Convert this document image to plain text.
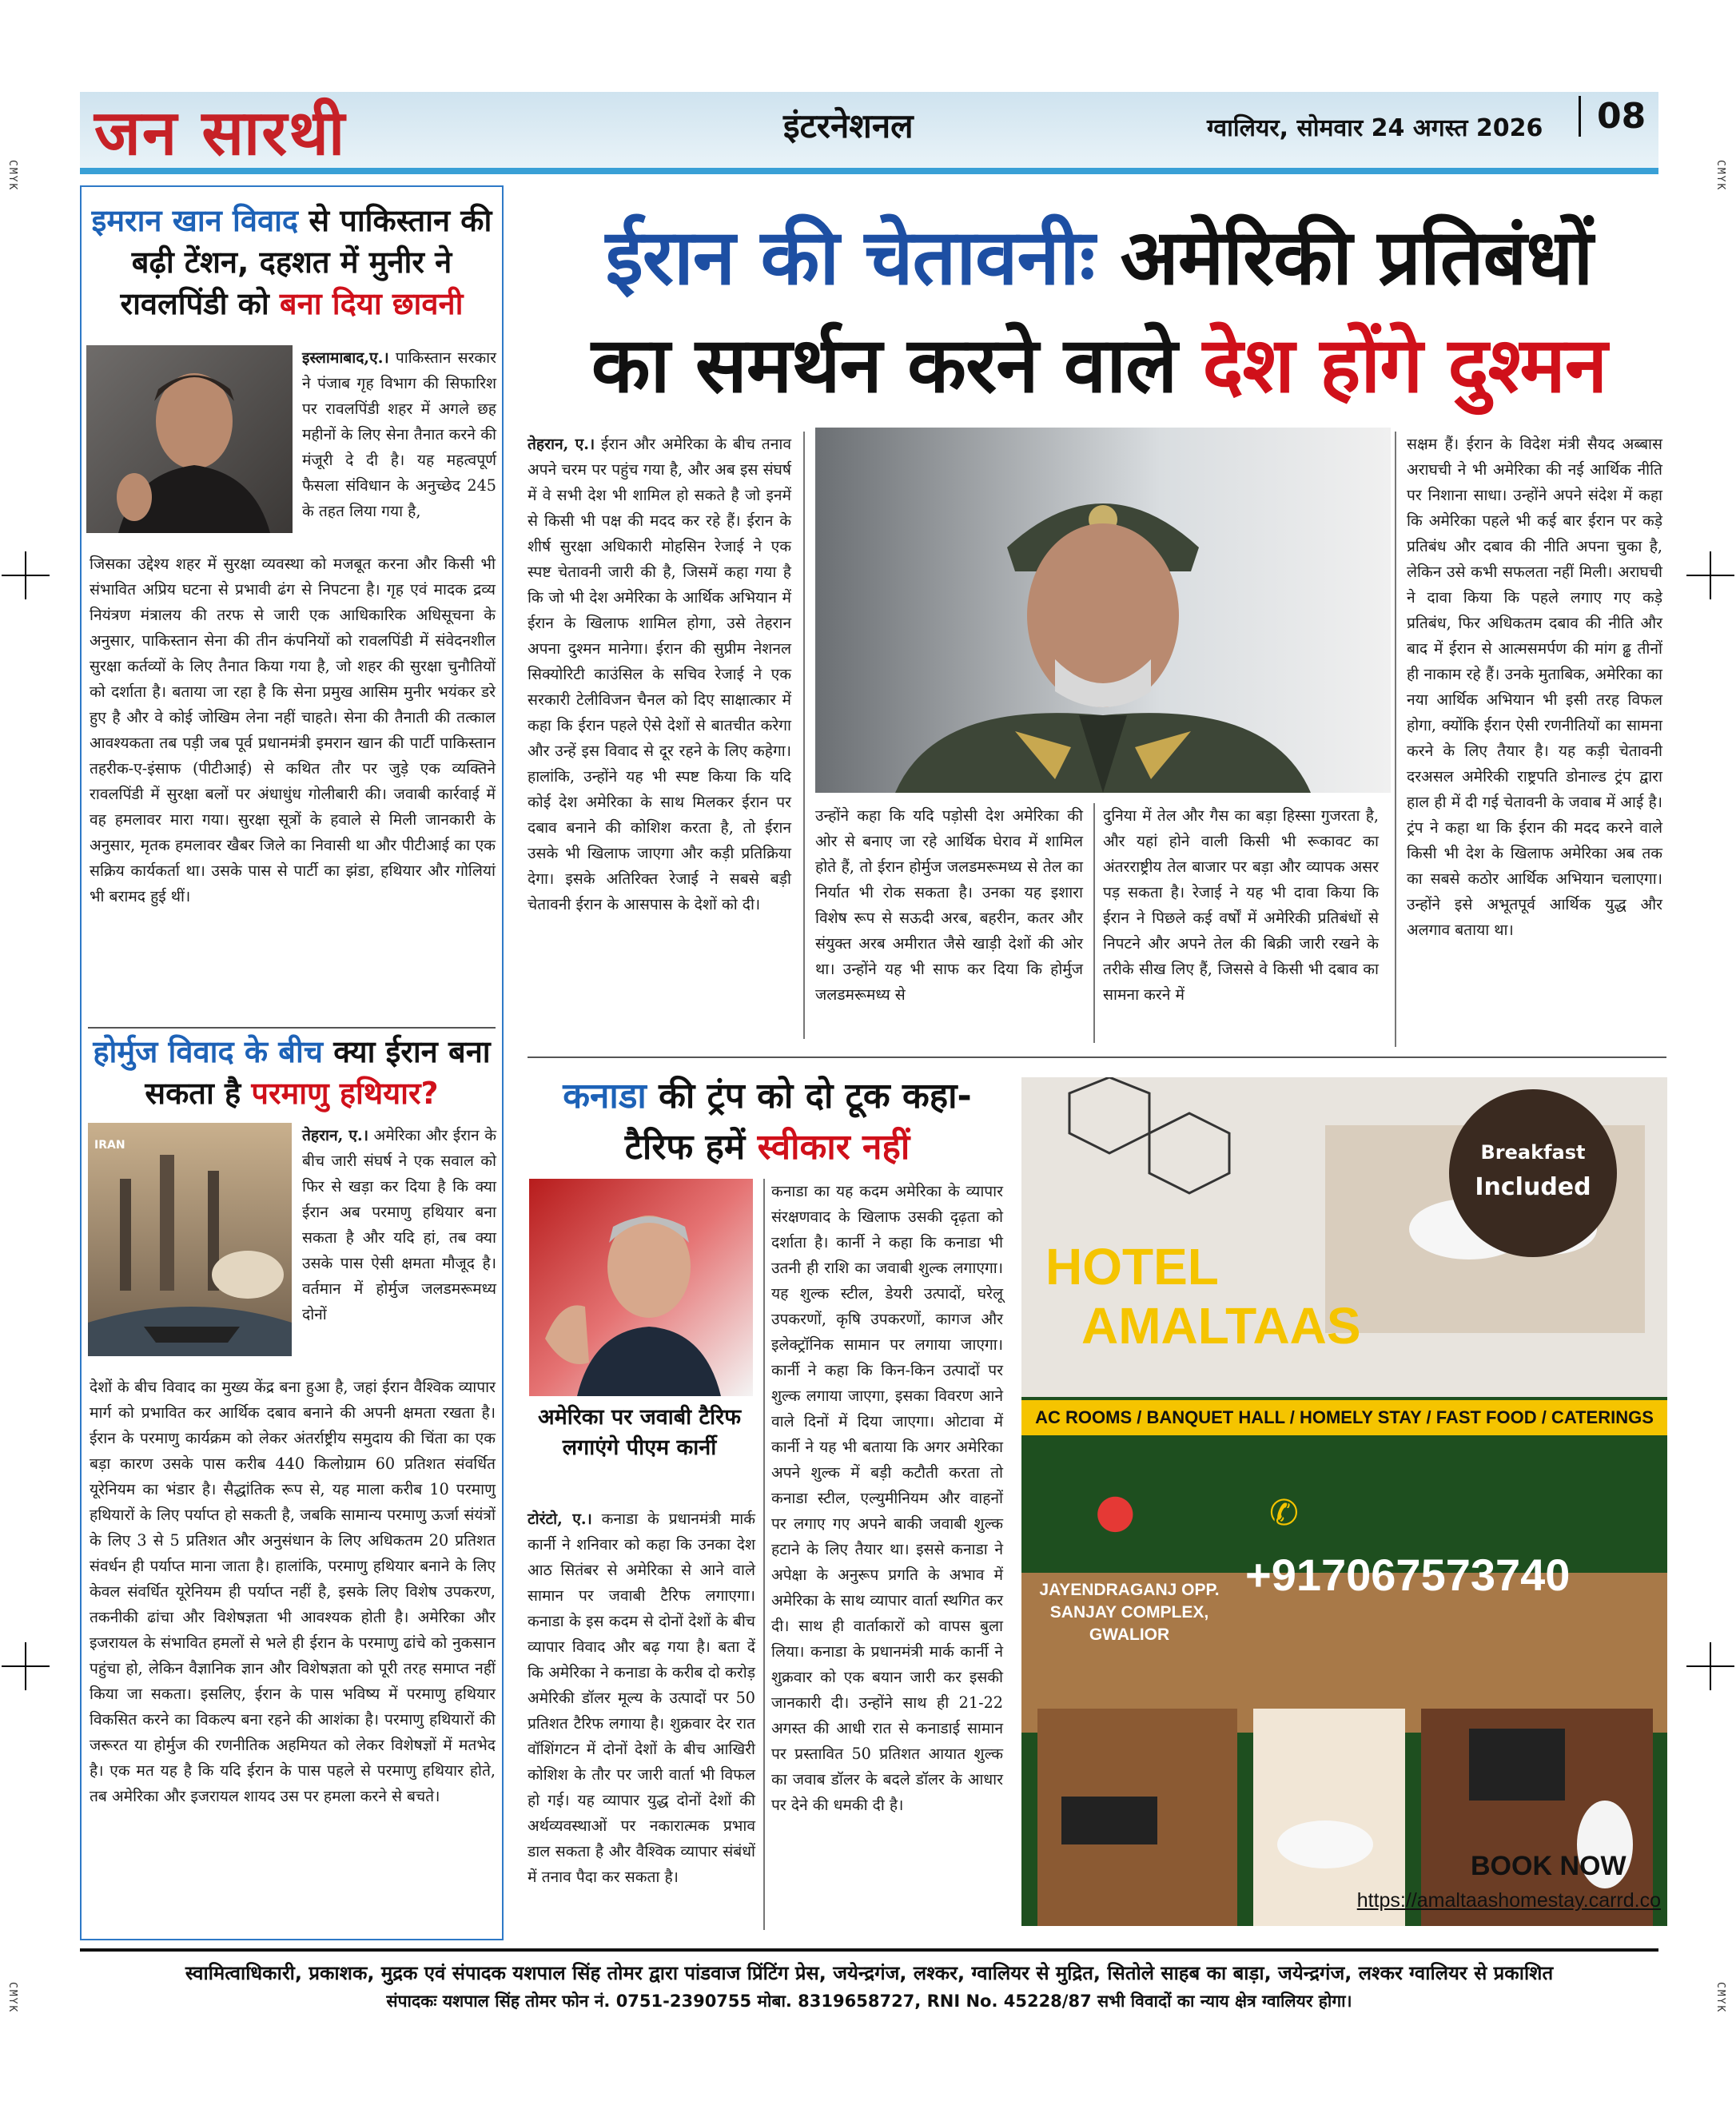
CMYK	CMYK
CMYK	CMYK
जन सारथी	इंटरनेशनल	ग्वालियर, सोमवार 24 अगस्त 2026	08
इमरान खान विवाद से पाकिस्तान की बढ़ी टेंशन, दहशत में मुनीर ने रावलपिंडी को बना दिया छावनी
इस्लामाबाद,ए.। पाकिस्तान सरकार ने पंजाब गृह विभाग की सिफारिश पर रावलपिंडी शहर में अगले छह महीनों के लिए सेना तैनात करने की मंजूरी दे दी है। यह महत्वपूर्ण फैसला संविधान के अनुच्छेद 245 के तहत लिया गया है,
जिसका उद्देश्य शहर में सुरक्षा व्यवस्था को मजबूत करना और किसी भी संभावित अप्रिय घटना से प्रभावी ढंग से निपटना है। गृह एवं मादक द्रव्य नियंत्रण मंत्रालय की तरफ से जारी एक आधिकारिक अधिसूचना के अनुसार, पाकिस्तान सेना की तीन कंपनियों को रावलपिंडी में संवेदनशील सुरक्षा कर्तव्यों के लिए तैनात किया गया है, जो शहर की सुरक्षा चुनौतियों को दर्शाता है। बताया जा रहा है कि सेना प्रमुख आसिम मुनीर भयंकर डरे हुए है और वे कोई जोखिम लेना नहीं चाहते। सेना की तैनाती की तत्काल आवश्यकता तब पड़ी जब पूर्व प्रधानमंत्री इमरान खान की पार्टी पाकिस्तान तहरीक-ए-इंसाफ (पीटीआई) से कथित तौर पर जुड़े एक व्यक्तिने रावलपिंडी में सुरक्षा बलों पर अंधाधुंध गोलीबारी की। जवाबी कार्रवाई में वह हमलावर मारा गया। सुरक्षा सूत्रों के हवाले से मिली जानकारी के अनुसार, मृतक हमलावर खैबर जिले का निवासी था और पीटीआई का एक सक्रिय कार्यकर्ता था। उसके पास से पार्टी का झंडा, हथियार और गोलियां भी बरामद हुई थीं।
होर्मुज विवाद के बीच क्या ईरान बना सकता है परमाणु हथियार?
IRAN
तेहरान, ए.। अमेरिका और ईरान के बीच जारी संघर्ष ने एक सवाल को फिर से खड़ा कर दिया है कि क्या ईरान अब परमाणु हथियार बना सकता है और यदि हां, तब क्या उसके पास ऐसी क्षमता मौजूद है। वर्तमान में होर्मुज जलडमरूमध्य दोनों
देशों के बीच विवाद का मुख्य केंद्र बना हुआ है, जहां ईरान वैश्विक व्यापार मार्ग को प्रभावित कर आर्थिक दबाव बनाने की अपनी क्षमता रखता है। ईरान के परमाणु कार्यक्रम को लेकर अंतर्राष्ट्रीय समुदाय की चिंता का एक बड़ा कारण उसके पास करीब 440 किलोग्राम 60 प्रतिशत संवर्धित यूरेनियम का भंडार है। सैद्धांतिक रूप से, यह माला करीब 10 परमाणु हथियारों के लिए पर्याप्त हो सकती है, जबकि सामान्य परमाणु ऊर्जा संयंत्रों के लिए 3 से 5 प्रतिशत और अनुसंधान के लिए अधिकतम 20 प्रतिशत संवर्धन ही पर्याप्त माना जाता है। हालांकि, परमाणु हथियार बनाने के लिए केवल संवर्धित यूरेनियम ही पर्याप्त नहीं है, इसके लिए विशेष उपकरण, तकनीकी ढांचा और विशेषज्ञता भी आवश्यक होती है। अमेरिका और इजरायल के संभावित हमलों से भले ही ईरान के परमाणु ढांचे को नुकसान पहुंचा हो, लेकिन वैज्ञानिक ज्ञान और विशेषज्ञता को पूरी तरह समाप्त नहीं किया जा सकता। इसलिए, ईरान के पास भविष्य में परमाणु हथियार विकसित करने का विकल्प बना रहने की आशंका है। परमाणु हथियारों की जरूरत या होर्मुज की रणनीतिक अहमियत को लेकर विशेषज्ञों में मतभेद है। एक मत यह है कि यदि ईरान के पास पहले से परमाणु हथियार होते, तब अमेरिका और इजरायल शायद उस पर हमला करने से बचते।
ईरान की चेतावनीः अमेरिकी प्रतिबंधों
का समर्थन करने वाले देश होंगे दुश्मन
तेहरान, ए.। ईरान और अमेरिका के बीच तनाव अपने चरम पर पहुंच गया है, और अब इस संघर्ष में वे सभी देश भी शामिल हो सकते है जो इनमें से किसी भी पक्ष की मदद कर रहे हैं। ईरान के शीर्ष सुरक्षा अधिकारी मोहसिन रेजाई ने एक स्पष्ट चेतावनी जारी की है, जिसमें कहा गया है कि जो भी देश अमेरिका के आर्थिक अभियान में ईरान के खिलाफ शामिल होगा, उसे तेहरान अपना दुश्मन मानेगा। ईरान की सुप्रीम नेशनल सिक्योरिटी काउंसिल के सचिव रेजाई ने एक सरकारी टेलीविजन चैनल को दिए साक्षात्कार में कहा कि ईरान पहले ऐसे देशों से बातचीत करेगा और उन्हें इस विवाद से दूर रहने के लिए कहेगा। हालांकि, उन्होंने यह भी स्पष्ट किया कि यदि कोई देश अमेरिका के साथ मिलकर ईरान पर दबाव बनाने की कोशिश करता है, तो ईरान उसके भी खिलाफ जाएगा और कड़ी प्रतिक्रिया देगा। इसके अतिरिक्त रेजाई ने सबसे बड़ी चेतावनी ईरान के आसपास के देशों को दी।
उन्होंने कहा कि यदि पड़ोसी देश अमेरिका की ओर से बनाए जा रहे आर्थिक घेराव में शामिल होते हैं, तो ईरान होर्मुज जलडमरूमध्य से तेल का निर्यात भी रोक सकता है। उनका यह इशारा विशेष रूप से सऊदी अरब, बहरीन, कतर और संयुक्त अरब अमीरात जैसे खाड़ी देशों की ओर था। उन्होंने यह भी साफ कर दिया कि होर्मुज जलडमरूमध्य से
दुनिया में तेल और गैस का बड़ा हिस्सा गुजरता है, और यहां होने वाली किसी भी रूकावट का अंतरराष्ट्रीय तेल बाजार पर बड़ा और व्यापक असर पड़ सकता है। रेजाई ने यह भी दावा किया कि ईरान ने पिछले कई वर्षों में अमेरिकी प्रतिबंधों से निपटने और अपने तेल की बिक्री जारी रखने के तरीके सीख लिए हैं, जिससे वे किसी भी दबाव का सामना करने में
सक्षम हैं। ईरान के विदेश मंत्री सैयद अब्बास अराघची ने भी अमेरिका की नई आर्थिक नीति पर निशाना साधा। उन्होंने अपने संदेश में कहा कि अमेरिका पहले भी कई बार ईरान पर कड़े प्रतिबंध और दबाव की नीति अपना चुका है, लेकिन उसे कभी सफलता नहीं मिली। अराघची ने दावा किया कि पहले लगाए गए कड़े प्रतिबंध, फिर अधिकतम दबाव की नीति और बाद में ईरान से आत्मसमर्पण की मांग ढ्ढ तीनों ही नाकाम रहे हैं। उनके मुताबिक, अमेरिका का नया आर्थिक अभियान भी इसी तरह विफल होगा, क्योंकि ईरान ऐसी रणनीतियों का सामना करने के लिए तैयार है। यह कड़ी चेतावनी दरअसल अमेरिकी राष्ट्रपति डोनाल्ड ट्रंप द्वारा हाल ही में दी गई चेतावनी के जवाब में आई है। ट्रंप ने कहा था कि ईरान की मदद करने वाले किसी भी देश के खिलाफ अमेरिका अब तक का सबसे कठोर आर्थिक अभियान चलाएगा। उन्होंने इसे अभूतपूर्व आर्थिक युद्ध और अलगाव बताया था।
कनाडा की ट्रंप को दो टूक कहा- टैरिफ हमें स्वीकार नहीं
अमेरिका पर जवाबी टैरिफ लगाएंगे पीएम कार्नी
टोरंटो, ए.। कनाडा के प्रधानमंत्री मार्क कार्नी ने शनिवार को कहा कि उनका देश आठ सितंबर से अमेरिका से आने वाले सामान पर जवाबी टैरिफ लगाएगा। कनाडा के इस कदम से दोनों देशों के बीच व्यापार विवाद और बढ़ गया है। बता दें कि अमेरिका ने कनाडा के करीब दो करोड़ अमेरिकी डॉलर मूल्य के उत्पादों पर 50 प्रतिशत टैरिफ लगाया है। शुक्रवार देर रात वॉशिंगटन में दोनों देशों के बीच आखिरी कोशिश के तौर पर जारी वार्ता भी विफल हो गई। यह व्यापार युद्ध दोनों देशों की अर्थव्यवस्थाओं पर नकारात्मक प्रभाव डाल सकता है और वैश्विक व्यापार संबंधों में तनाव पैदा कर सकता है।
कनाडा का यह कदम अमेरिका के व्यापार संरक्षणवाद के खिलाफ उसकी दृढ़ता को दर्शाता है। कार्नी ने कहा कि कनाडा भी उतनी ही राशि का जवाबी शुल्क लगाएगा। यह शुल्क स्टील, डेयरी उत्पादों, घरेलू उपकरणों, कृषि उपकरणों, कागज और इलेक्ट्रॉनिक सामान पर लगाया जाएगा। कार्नी ने कहा कि किन-किन उत्पादों पर शुल्क लगाया जाएगा, इसका विवरण आने वाले दिनों में दिया जाएगा। ओटावा में कार्नी ने यह भी बताया कि अगर अमेरिका अपने शुल्क में बड़ी कटौती करता तो कनाडा स्टील, एल्युमीनियम और वाहनों पर लगाए गए अपने बाकी जवाबी शुल्क हटाने के लिए तैयार था। इससे कनाडा ने अपेक्षा के अनुरूप प्रगति के अभाव में अमेरिका के साथ व्यापार वार्ता स्थगित कर दी। साथ ही वार्ताकारों को वापस बुला लिया। कनाडा के प्रधानमंत्री मार्क कार्नी ने शुक्रवार को एक बयान जारी कर इसकी जानकारी दी। उन्होंने साथ ही 21-22 अगस्त की आधी रात से कनाडाई सामान पर प्रस्तावित 50 प्रतिशत आयात शुल्क का जवाब डॉलर के बदले डॉलर के आधार पर देने की धमकी दी है।
Breakfast
Included
HOTEL
AMALTAAS
AC ROOMS / BANQUET HALL / HOMELY STAY / FAST FOOD / CATERINGS
●	✆
+917067573740
JAYENDRAGANJ OPP.
SANJAY COMPLEX,
GWALIOR
BOOK NOW
https://amaltaashomestay.carrd.co
स्वामित्वाधिकारी, प्रकाशक, मुद्रक एवं संपादक यशपाल सिंह तोमर द्वारा पांडवाज प्रिंटिंग प्रेस, जयेन्द्रगंज, लश्कर, ग्वालियर से मुद्रित, सितोले साहब का बाड़ा, जयेन्द्रगंज, लश्कर ग्वालियर से प्रकाशित
संपादकः यशपाल सिंह तोमर फोन नं. 0751-2390755 मोबा. 8319658727, RNI No. 45228/87 सभी विवादों का न्याय क्षेत्र ग्वालियर होगा।
